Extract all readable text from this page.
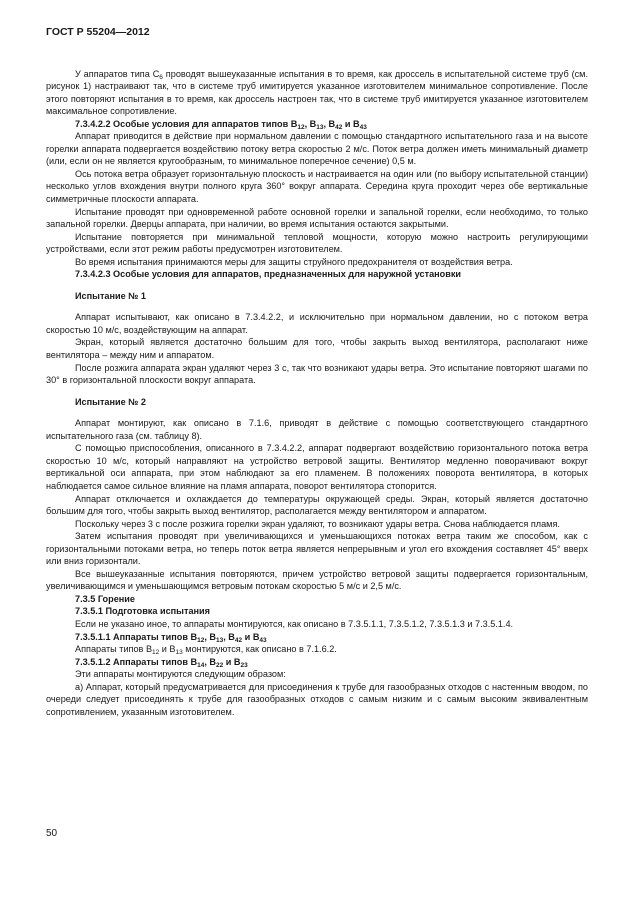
ГОСТ Р 55204—2012

У аппаратов типа $C_6$ проводят вышеуказанные испытания в то время, как дроссель в испытательной системе труб (см. рисунок 1) настраивают так, что в системе труб имитируется указанное изготовителем минимальное сопротивление. После этого повторяют испытания в то время, как дроссель настроен так, что в системе труб имитируется указанное изготовителем максимальное сопротивление.

7.3.4.2.2 Особые условия для аппаратов типов $B_{12}$, $B_{13}$, $B_{42}$ и $B_{43}$

Аппарат приводится в действие при нормальном давлении с помощью стандартного испытательного газа и на высоте горелки аппарата подвергается воздействию потоку ветра скоростью 2 м/с. Поток ветра должен иметь минимальный диаметр (или, если он не является кругообразным, то минимальное поперечное сечение) 0,5 м.

Ось потока ветра образует горизонтальную плоскость и настраивается на один или (по выбору испытательной станции) несколько углов вхождения внутри полного круга 360° вокруг аппарата. Середина круга проходит через обе вертикальные симметричные плоскости аппарата.

Испытание проводят при одновременной работе основной горелки и запальной горелки, если необходимо, то только запальной горелки. Дверцы аппарата, при наличии, во время испытания остаются закрытыми.

Испытание повторяется при минимальной тепловой мощности, которую можно настроить регулирующими устройствами, если этот режим работы предусмотрен изготовителем.

Во время испытания принимаются меры для защиты струйного предохранителя от воздействия ветра.

7.3.4.2.3 Особые условия для аппаратов, предназначенных для наружной установки

Испытание № 1

Аппарат испытывают, как описано в 7.3.4.2.2, и исключительно при нормальном давлении, но с потоком ветра скоростью 10 м/с, воздействующим на аппарат.

Экран, который является достаточно большим для того, чтобы закрыть выход вентилятора, располагают ниже вентилятора – между ним и аппаратом.

После розжига аппарата экран удаляют через 3 с, так что возникают удары ветра. Это испытание повторяют шагами по 30° в горизонтальной плоскости вокруг аппарата.

Испытание № 2

Аппарат монтируют, как описано в 7.1.6, приводят в действие с помощью соответствующего стандартного испытательного газа (см. таблицу 8).

С помощью приспособления, описанного в 7.3.4.2.2, аппарат подвергают воздействию горизонтального потока ветра скоростью 10 м/с, который направляют на устройство ветровой защиты. Вентилятор медленно поворачивают вокруг вертикальной оси аппарата, при этом наблюдают за его пламенем. В положениях поворота вентилятора, в которых наблюдается самое сильное влияние на пламя аппарата, поворот вентилятора стопорится.

Аппарат отключается и охлаждается до температуры окружающей среды. Экран, который является достаточно большим для того, чтобы закрыть выход вентилятор, располагается между вентилятором и аппаратом.

Поскольку через 3 с после розжига горелки экран удаляют, то возникают удары ветра. Снова наблюдается пламя.

Затем испытания проводят при увеличивающихся и уменьшающихся потоках ветра таким же способом, как с горизонтальными потоками ветра, но теперь поток ветра является непрерывным и угол его вхождения составляет 45° вверх или вниз горизонтали.

Все вышеуказанные испытания повторяются, причем устройство ветровой защиты подвергается горизонтальным, увеличивающимся и уменьшающимся ветровым потокам скоростью 5 м/с и 2,5 м/с.

7.3.5 Горение

7.3.5.1 Подготовка испытания

Если не указано иное, то аппараты монтируются, как описано в 7.3.5.1.1, 7.3.5.1.2, 7.3.5.1.3 и 7.3.5.1.4.

7.3.5.1.1 Аппараты типов $B_{12}$, $B_{13}$, $B_{42}$ и $B_{43}$

Аппараты типов $B_{12}$ и $B_{13}$ монтируются, как описано в 7.1.6.2.

7.3.5.1.2 Аппараты типов $B_{14}$, $B_{22}$ и $B_{23}$

Эти аппараты монтируются следующим образом:

а) Аппарат, который предусматривается для присоединения к трубе для газообразных отходов с настенным вводом, по очереди следует присоединять к трубе для газообразных отходов с самым низким и с самым высоким эквивалентным сопротивлением, указанным изготовителем.

50
